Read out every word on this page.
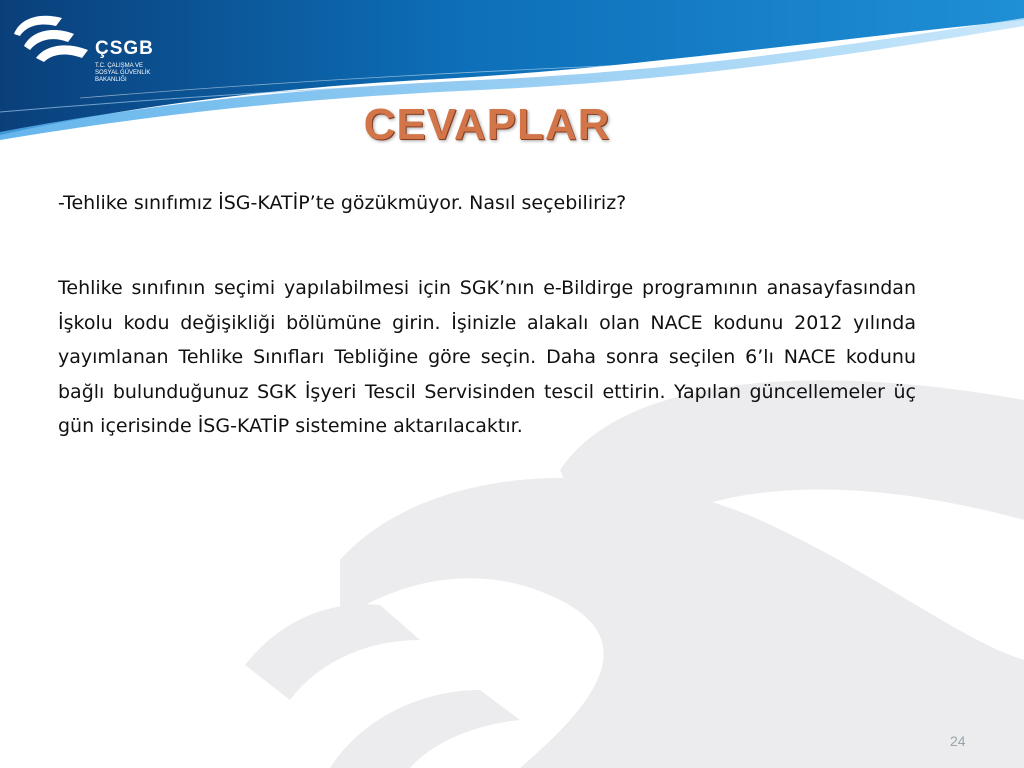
ÇSGB
T.C. ÇALIŞMA VE
SOSYAL GÜVENLİK
BAKANLIĞI
CEVAPLAR
-Tehlike sınıfımız İSG-KATİP’te gözükmüyor. Nasıl seçebiliriz?

Tehlike sınıfının seçimi yapılabilmesi için SGK’nın e-Bildirge programının anasayfasından İşkolu kodu değişikliği bölümüne girin. İşinizle alakalı olan NACE kodunu 2012 yılında yayımlanan Tehlike Sınıfları Tebliğine göre seçin. Daha sonra seçilen 6’lı NACE kodunu bağlı bulunduğunuz SGK İşyeri Tescil Servisinden tescil ettirin. Yapılan güncellemeler üç gün içerisinde İSG-KATİP sistemine aktarılacaktır.

24
